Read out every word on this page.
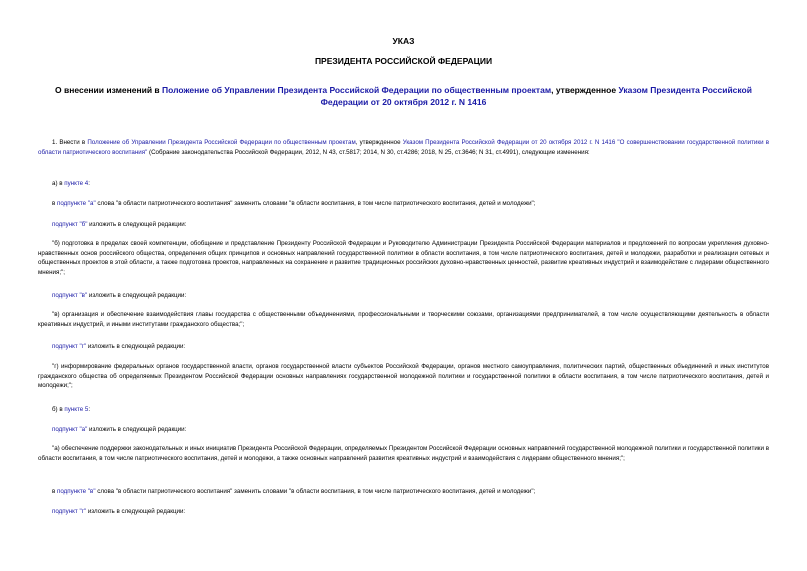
УКАЗ
ПРЕЗИДЕНТА РОССИЙСКОЙ ФЕДЕРАЦИИ
О внесении изменений в Положение об Управлении Президента Российской Федерации по общественным проектам, утвержденное Указом Президента Российской Федерации от 20 октября 2012 г. N 1416

1. Внести в Положение об Управлении Президента Российской Федерации по общественным проектам, утвержденное Указом Президента Российской Федерации от 20 октября 2012 г. N 1416 "О совершенствовании государственной политики в области патриотического воспитания" (Собрание законодательства Российской Федерации, 2012, N 43, ст.5817; 2014, N 30, ст.4286; 2018, N 25, ст.3646; N 31, ст.4991), следующие изменения:

а) в пункте 4:

в подпункте "а" слова "в области патриотического воспитания" заменить словами "в области воспитания, в том числе патриотического воспитания, детей и молодежи";

подпункт "б" изложить в следующей редакции:

"б) подготовка в пределах своей компетенции, обобщение и представление Президенту Российской Федерации и Руководителю Администрации Президента Российской Федерации материалов и предложений по вопросам укрепления духовно-нравственных основ российского общества, определения общих принципов и основных направлений государственной политики в области воспитания, в том числе патриотического воспитания, детей и молодежи, разработки и реализации сетевых и общественных проектов в этой области, а также подготовка проектов, направленных на сохранение и развитие традиционных российских духовно-нравственных ценностей, развитие креативных индустрий и взаимодействие с лидерами общественного мнения;";

подпункт "в" изложить в следующей редакции:

"в) организация и обеспечение взаимодействия главы государства с общественными объединениями, профессиональными и творческими союзами, организациями предпринимателей, в том числе осуществляющими деятельность в области креативных индустрий, и иными институтами гражданского общества;";

подпункт "г" изложить в следующей редакции:

"г) информирование федеральных органов государственной власти, органов государственной власти субъектов Российской Федерации, органов местного самоуправления, политических партий, общественных объединений и иных институтов гражданского общества об определяемых Президентом Российской Федерации основных направлениях государственной молодежной политики и государственной политики в области воспитания, в том числе патриотического воспитания, детей и молодежи;";

б) в пункте 5:

подпункт "а" изложить в следующей редакции:

"а) обеспечение поддержки законодательных и иных инициатив Президента Российской Федерации, определяемых Президентом Российской Федерации основных направлений государственной молодежной политики и государственной политики в области воспитания, в том числе патриотического воспитания, детей и молодежи, а также основных направлений развития креативных индустрий и взаимодействия с лидерами общественного мнения;";

в подпункте "в" слова "в области патриотического воспитания" заменить словами "в области воспитания, в том числе патриотического воспитания, детей и молодежи";

подпункт "г" изложить в следующей редакции:
